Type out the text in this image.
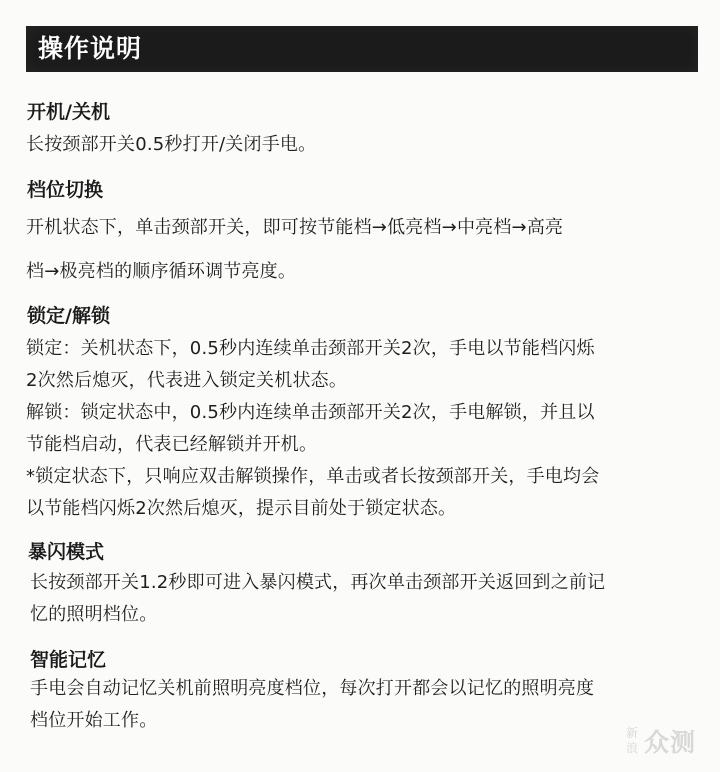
操作说明
开机/关机
长按颈部开关0.5秒打开/关闭手电。
档位切换
开机状态下，单击颈部开关，即可按节能档→低亮档→中亮档→高亮
档→极亮档的顺序循环调节亮度。
锁定/解锁
锁定：关机状态下，0.5秒内连续单击颈部开关2次，手电以节能档闪烁
2次然后熄灭，代表进入锁定关机状态。
解锁：锁定状态中，0.5秒内连续单击颈部开关2次，手电解锁，并且以
节能档启动，代表已经解锁并开机。
*锁定状态下，只响应双击解锁操作，单击或者长按颈部开关，手电均会
以节能档闪烁2次然后熄灭，提示目前处于锁定状态。
暴闪模式
长按颈部开关1.2秒即可进入暴闪模式，再次单击颈部开关返回到之前记
忆的照明档位。
智能记忆
手电会自动记忆关机前照明亮度档位，每次打开都会以记忆的照明亮度
档位开始工作。
新浪 众测
